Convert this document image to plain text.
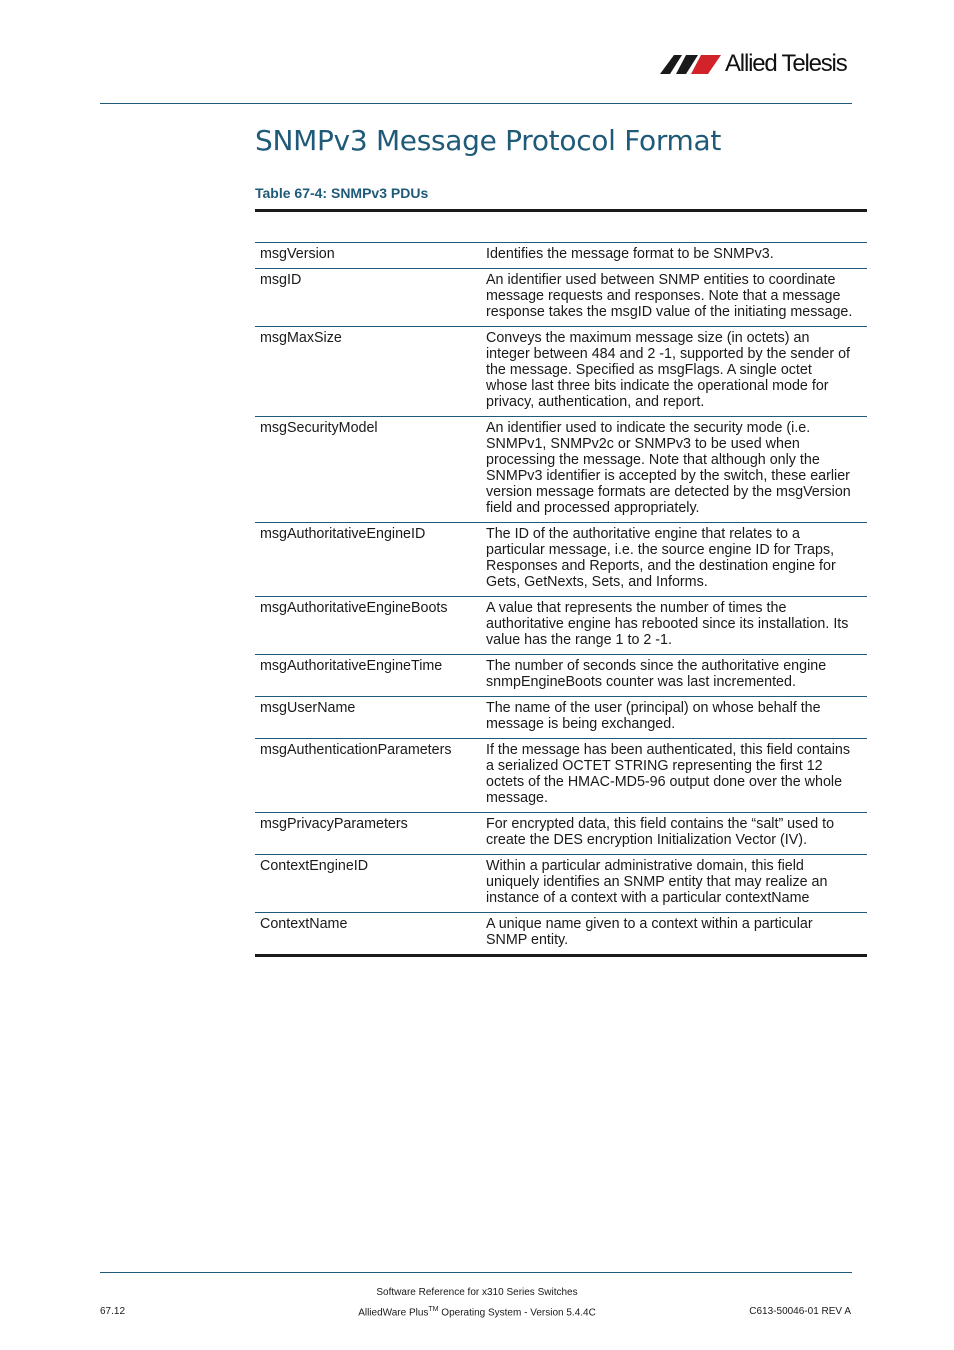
Allied Telesis
SNMPv3 Message Protocol Format
Table 67-4: SNMPv3 PDUs
msgVersion	Identifies the message format to be SNMPv3.
msgID	An identifier used between SNMP entities to coordinate message requests and responses. Note that a message response takes the msgID value of the initiating message.
msgMaxSize	Conveys the maximum message size (in octets) an integer between 484 and 2 -1, supported by the sender of the message. Specified as msgFlags. A single octet whose last three bits indicate the operational mode for privacy, authentication, and report.
msgSecurityModel	An identifier used to indicate the security mode (i.e. SNMPv1, SNMPv2c or SNMPv3 to be used when processing the message. Note that although only the SNMPv3 identifier is accepted by the switch, these earlier version message formats are detected by the msgVersion field and processed appropriately.
msgAuthoritativeEngineID	The ID of the authoritative engine that relates to a particular message, i.e. the source engine ID for Traps, Responses and Reports, and the destination engine for Gets, GetNexts, Sets, and Informs.
msgAuthoritativeEngineBoots	A value that represents the number of times the authoritative engine has rebooted since its installation. Its value has the range 1 to 2 -1.
msgAuthoritativeEngineTime	The number of seconds since the authoritative engine snmpEngineBoots counter was last incremented.
msgUserName	The name of the user (principal) on whose behalf the message is being exchanged.
msgAuthenticationParameters	If the message has been authenticated, this field contains a serialized OCTET STRING representing the first 12 octets of the HMAC-MD5-96 output done over the whole message.
msgPrivacyParameters	For encrypted data, this field contains the “salt” used to create the DES encryption Initialization Vector (IV).
ContextEngineID	Within a particular administrative domain, this field uniquely identifies an SNMP entity that may realize an instance of a context with a particular contextName
ContextName	A unique name given to a context within a particular SNMP entity.
Software Reference for x310 Series Switches
AlliedWare Plus™ Operating System - Version 5.4.4C
67.12	C613-50046-01 REV A
